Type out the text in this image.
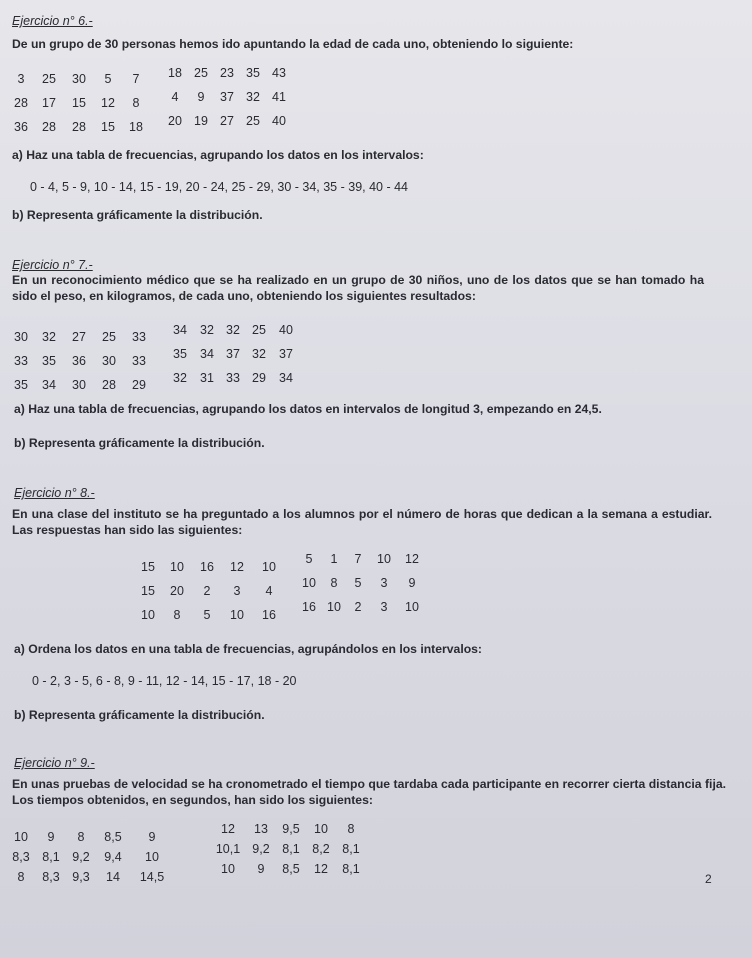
Ejercicio n° 6.-
De un grupo de 30 personas hemos ido apuntando la edad de cada uno, obteniendo lo siguiente:
3	25	30	5	7
28	17	15	12	8
36	28	28	15	18
18 25 23 35 43
4	9	37 32 41
20 19 27 25 40
a) Haz una tabla de frecuencias, agrupando los datos en los intervalos:
0 - 4, 5 - 9, 10 - 14, 15 - 19, 20 - 24, 25 - 29, 30 - 34, 35 - 39, 40 - 44
b) Representa gráficamente la distribución.
Ejercicio n° 7.-
En un reconocimiento médico que se ha realizado en un grupo de 30 niños, uno de los datos que se han tomado ha sido el peso, en kilogramos, de cada uno, obteniendo los siguientes resultados:
30	32	27	25	33
33	35	36	30	33
35	34	30	28	29
34	32 32 25	40
35	34 37 32	37
32	31 33 29	34
a) Haz una tabla de frecuencias, agrupando los datos en intervalos de longitud 3, empezando en 24,5.
b) Representa gráficamente la distribución.
Ejercicio n° 8.-
En una clase del instituto se ha preguntado a los alumnos por el número de horas que dedican a la semana a estudiar. Las respuestas han sido las siguientes:
15	10	16	12	10
15	20	2	3	4
10	8	5	10	16
5	1	7	10	12
10	8	5	3	9
16 10	2	3	10
a) Ordena los datos en una tabla de frecuencias, agrupándolos en los intervalos:
0 - 2, 3 - 5, 6 - 8, 9 - 11, 12 - 14, 15 - 17, 18 - 20
b) Representa gráficamente la distribución.
Ejercicio n° 9.-
En unas pruebas de velocidad se ha cronometrado el tiempo que tardaba cada participante en recorrer cierta distancia fija. Los tiempos obtenidos, en segundos, han sido los siguientes:
10	9	8	8,5	9
8,3	8,1	9,2	9,4	10
8	8,3	9,3	14	14,5
12	13	9,5	10	8
10,1 9,2	8,1	8,2	8,1
10	9	8,5	12	8,1
2
